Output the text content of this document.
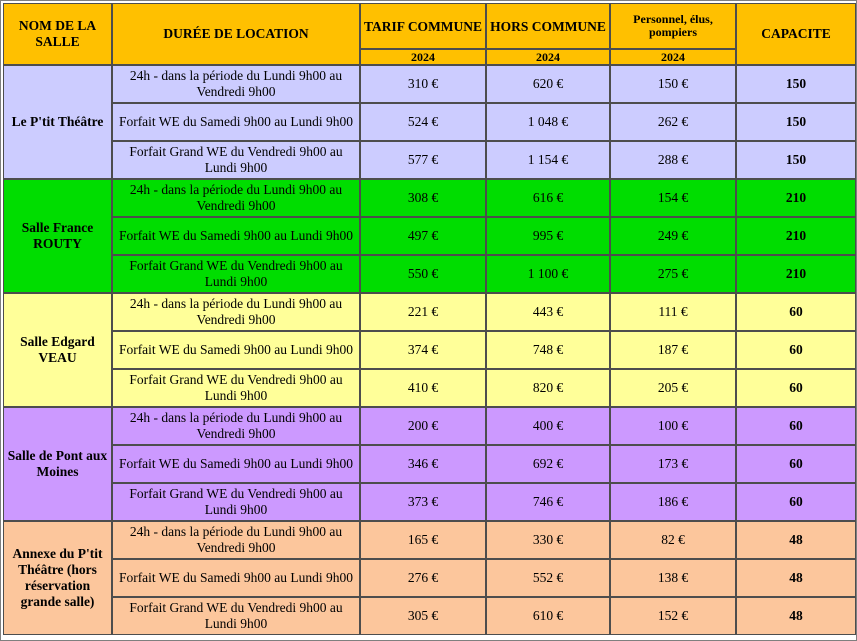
NOM DE LA SALLE	DURÉE DE LOCATION	TARIF COMMUNE	HORS COMMUNE	Personnel, élus, pompiers	CAPACITE
		2024	2024	2024	
Le P'tit Théâtre	24h - dans la période du Lundi 9h00 au Vendredi 9h00	310 €	620 €	150 €	150
	Forfait WE du Samedi 9h00 au Lundi 9h00	524 €	1 048 €	262 €	150
	Forfait Grand WE du Vendredi 9h00 au Lundi 9h00	577 €	1 154 €	288 €	150
Salle France ROUTY	24h - dans la période du Lundi 9h00 au Vendredi 9h00	308 €	616 €	154 €	210
	Forfait WE du Samedi 9h00 au Lundi 9h00	497 €	995 €	249 €	210
	Forfait Grand WE du Vendredi 9h00 au Lundi 9h00	550 €	1 100 €	275 €	210
Salle Edgard VEAU	24h - dans la période du Lundi 9h00 au Vendredi 9h00	221 €	443 €	111 €	60
	Forfait WE du Samedi 9h00 au Lundi 9h00	374 €	748 €	187 €	60
	Forfait Grand WE du Vendredi 9h00 au Lundi 9h00	410 €	820 €	205 €	60
Salle de Pont aux Moines	24h - dans la période du Lundi 9h00 au Vendredi 9h00	200 €	400 €	100 €	60
	Forfait WE du Samedi 9h00 au Lundi 9h00	346 €	692 €	173 €	60
	Forfait Grand WE du Vendredi 9h00 au Lundi 9h00	373 €	746 €	186 €	60
Annexe du P'tit Théâtre (hors réservation grande salle)	24h - dans la période du Lundi 9h00 au Vendredi 9h00	165 €	330 €	82 €	48
	Forfait WE du Samedi 9h00 au Lundi 9h00	276 €	552 €	138 €	48
	Forfait Grand WE du Vendredi 9h00 au Lundi 9h00	305 €	610 €	152 €	48
